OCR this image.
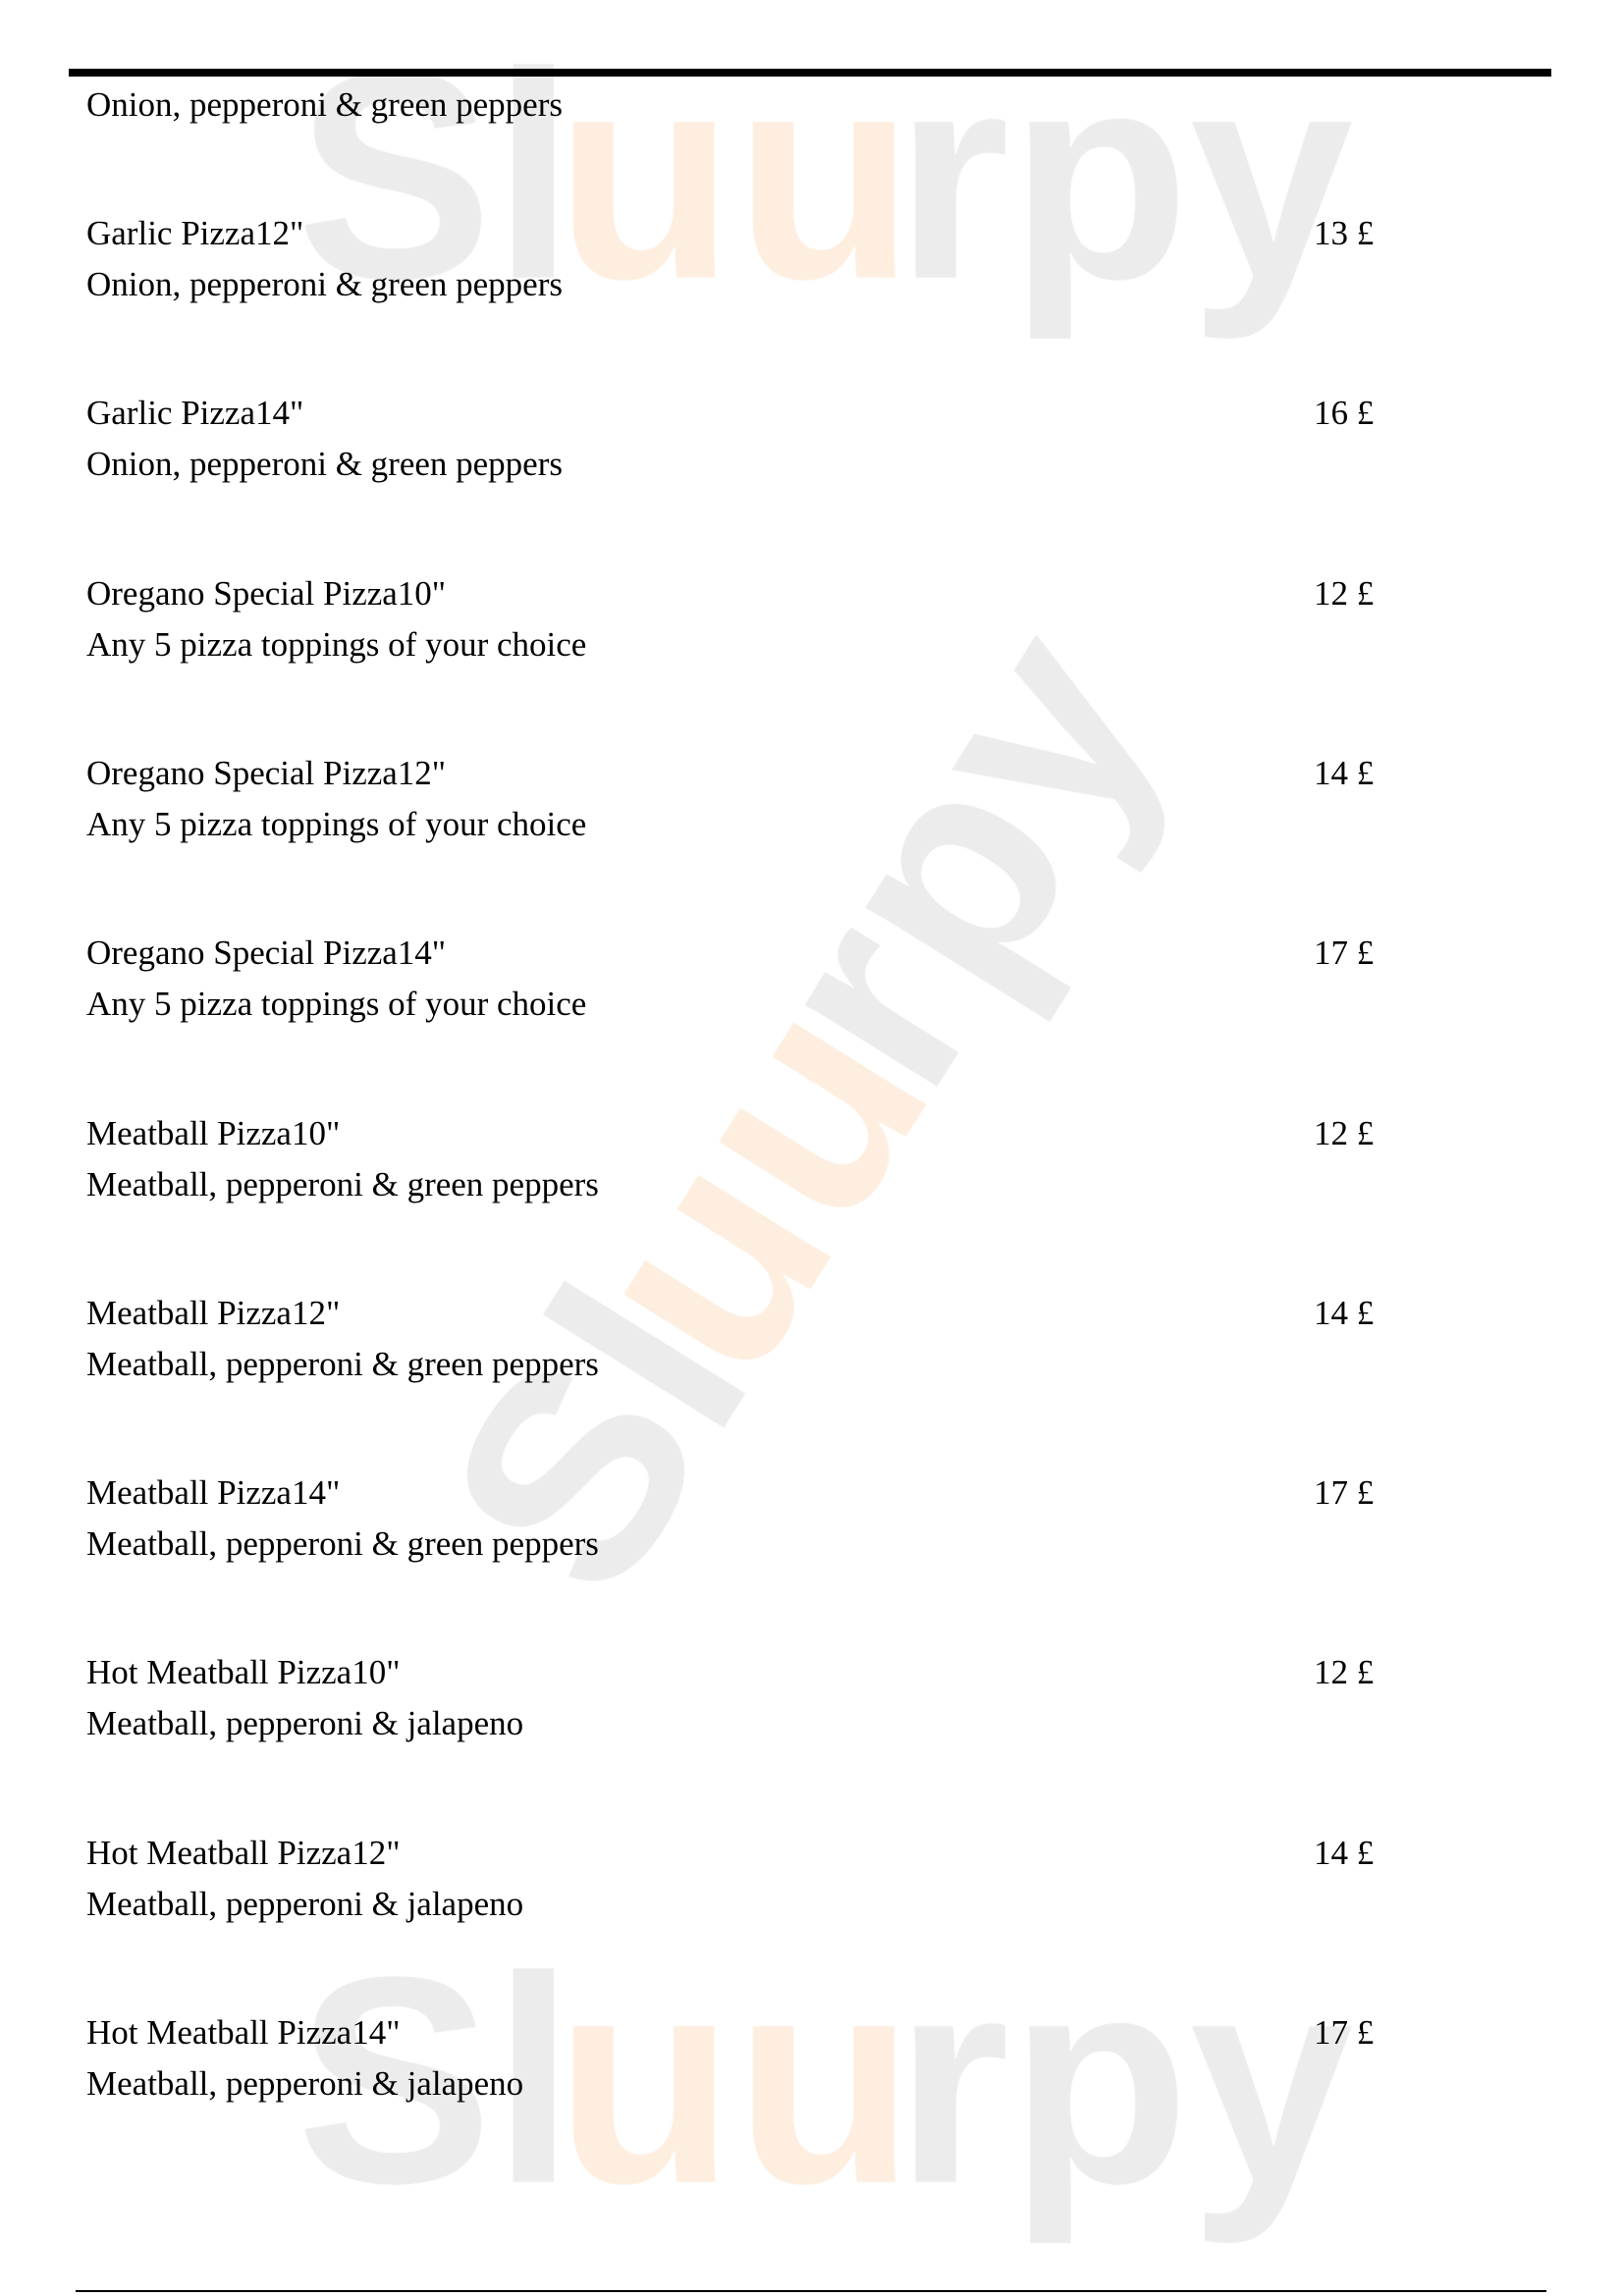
Onion, pepperoni & green peppers
Garlic Pizza12"
Onion, pepperoni & green peppers
13 £
Garlic Pizza14"
Onion, pepperoni & green peppers
16 £
Oregano Special Pizza10"
Any 5 pizza toppings of your choice
12 £
Oregano Special Pizza12"
Any 5 pizza toppings of your choice
14 £
Oregano Special Pizza14"
Any 5 pizza toppings of your choice
17 £
Meatball Pizza10"
Meatball, pepperoni & green peppers
12 £
Meatball Pizza12"
Meatball, pepperoni & green peppers
14 £
Meatball Pizza14"
Meatball, pepperoni & green peppers
17 £
Hot Meatball Pizza10"
Meatball, pepperoni & jalapeno
12 £
Hot Meatball Pizza12"
Meatball, pepperoni & jalapeno
14 £
Hot Meatball Pizza14"
Meatball, pepperoni & jalapeno
17 £
